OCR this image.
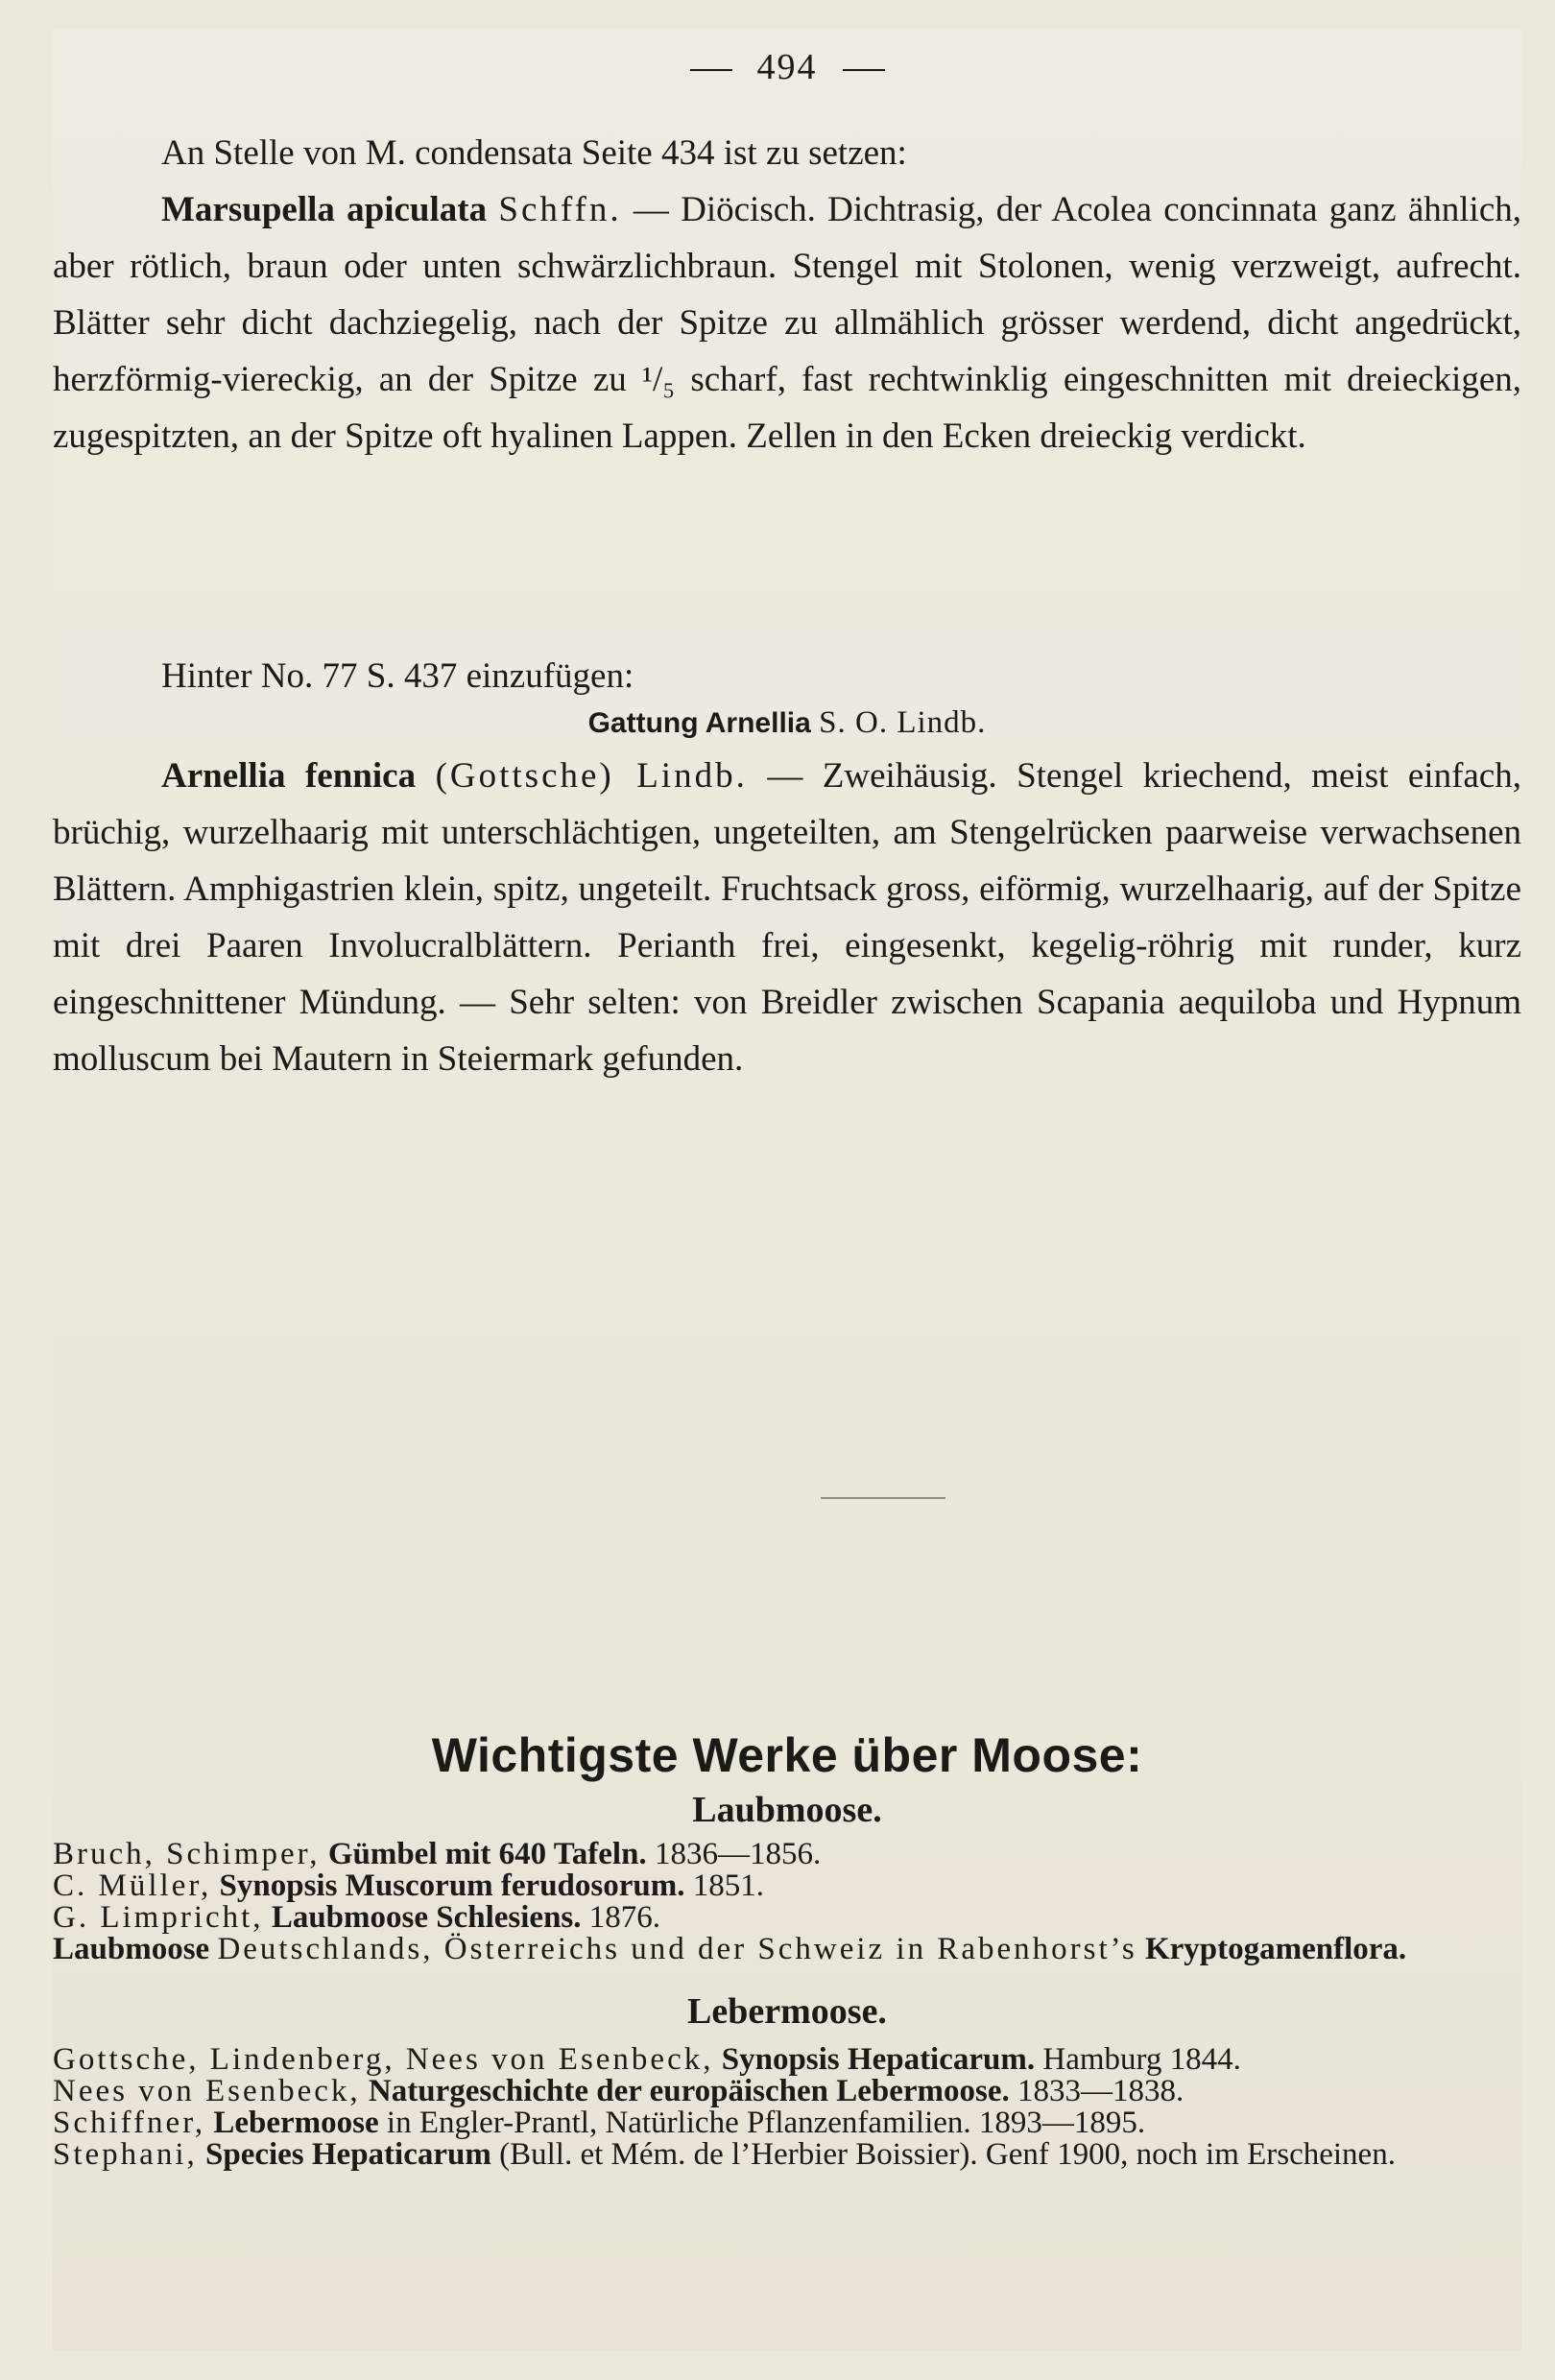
494

An Stelle von M. condensata Seite 434 ist zu setzen:

Marsupella apiculata Schffn. — Diöcisch. Dichtrasig, der Acolea concinnata ganz ähnlich, aber rötlich, braun oder unten schwärzlichbraun. Stengel mit Stolonen, wenig verzweigt, aufrecht. Blätter sehr dicht dachziegelig, nach der Spitze zu allmählich grösser werdend, dicht angedrückt, herzförmig-viereckig, an der Spitze zu ¹/₅ scharf, fast rechtwinklig eingeschnitten mit dreieckigen, zugespitzten, an der Spitze oft hyalinen Lappen. Zellen in den Ecken dreieckig verdickt.

Hinter No. 77 S. 437 einzufügen:

Gattung Arnellia S. O. Lindb.

Arnellia fennica (Gottsche) Lindb. — Zweihäusig. Stengel kriechend, meist einfach, brüchig, wurzelhaarig mit unterschlächtigen, ungeteilten, am Stengelrücken paarweise verwachsenen Blättern. Amphigastrien klein, spitz, ungeteilt. Fruchtsack gross, eiförmig, wurzelhaarig, auf der Spitze mit drei Paaren Involucralblättern. Perianth frei, eingesenkt, kegelig-röhrig mit runder, kurz eingeschnittener Mündung. — Sehr selten: von Breidler zwischen Scapania aequiloba und Hypnum molluscum bei Mautern in Steiermark gefunden.

Wichtigste Werke über Moose:

Laubmoose.

Bruch, Schimper, Gümbel mit 640 Tafeln. 1836—1856.

C. Müller, Synopsis Muscorum ferudosorum. 1851.

G. Limpricht, Laubmoose Schlesiens. 1876.

Laubmoose Deutschlands, Österreichs und der Schweiz in Rabenhorst’s Kryptogamenflora.

Lebermoose.

Gottsche, Lindenberg, Nees von Esenbeck, Synopsis Hepaticarum. Hamburg 1844.

Nees von Esenbeck, Naturgeschichte der europäischen Lebermoose. 1833—1838.

Schiffner, Lebermoose in Engler-Prantl, Natürliche Pflanzenfamilien. 1893—1895.

Stephani, Species Hepaticarum (Bull. et Mém. de l’Herbier Boissier). Genf 1900, noch im Erscheinen.
